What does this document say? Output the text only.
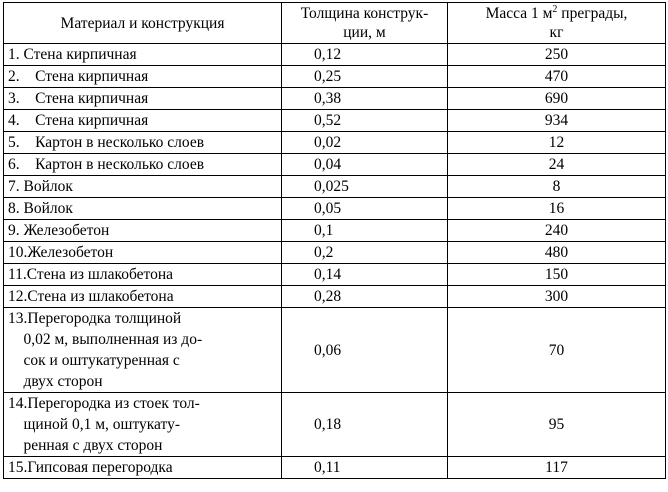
Материал и конструкция	Толщина конструк-
ции, м	Масса 1 $м^2$ преграды,
кг
1. Стена кирпичная	0,12	250
2.    Стена кирпичная	0,25	470
3.    Стена кирпичная	0,38	690
4.    Стена кирпичная	0,52	934
5.    Картон в несколько слоев	0,02	12
6.    Картон в несколько слоев	0,04	24
7. Войлок	0,025	8
8. Войлок	0,05	16
9. Железобетон	0,1	240
10.Железобетон	0,2	480
11.Стена из шлакобетона	0,14	150
12.Стена из шлакобетона	0,28	300
13.Перегородка толщиной
0,02 м, выполненная из до-
сок и оштукатуренная с
двух сторон	0,06	70
14.Перегородка из стоек тол-
щиной 0,1 м, оштукату-
ренная с двух сторон	0,18	95
15.Гипсовая перегородка	0,11	117
